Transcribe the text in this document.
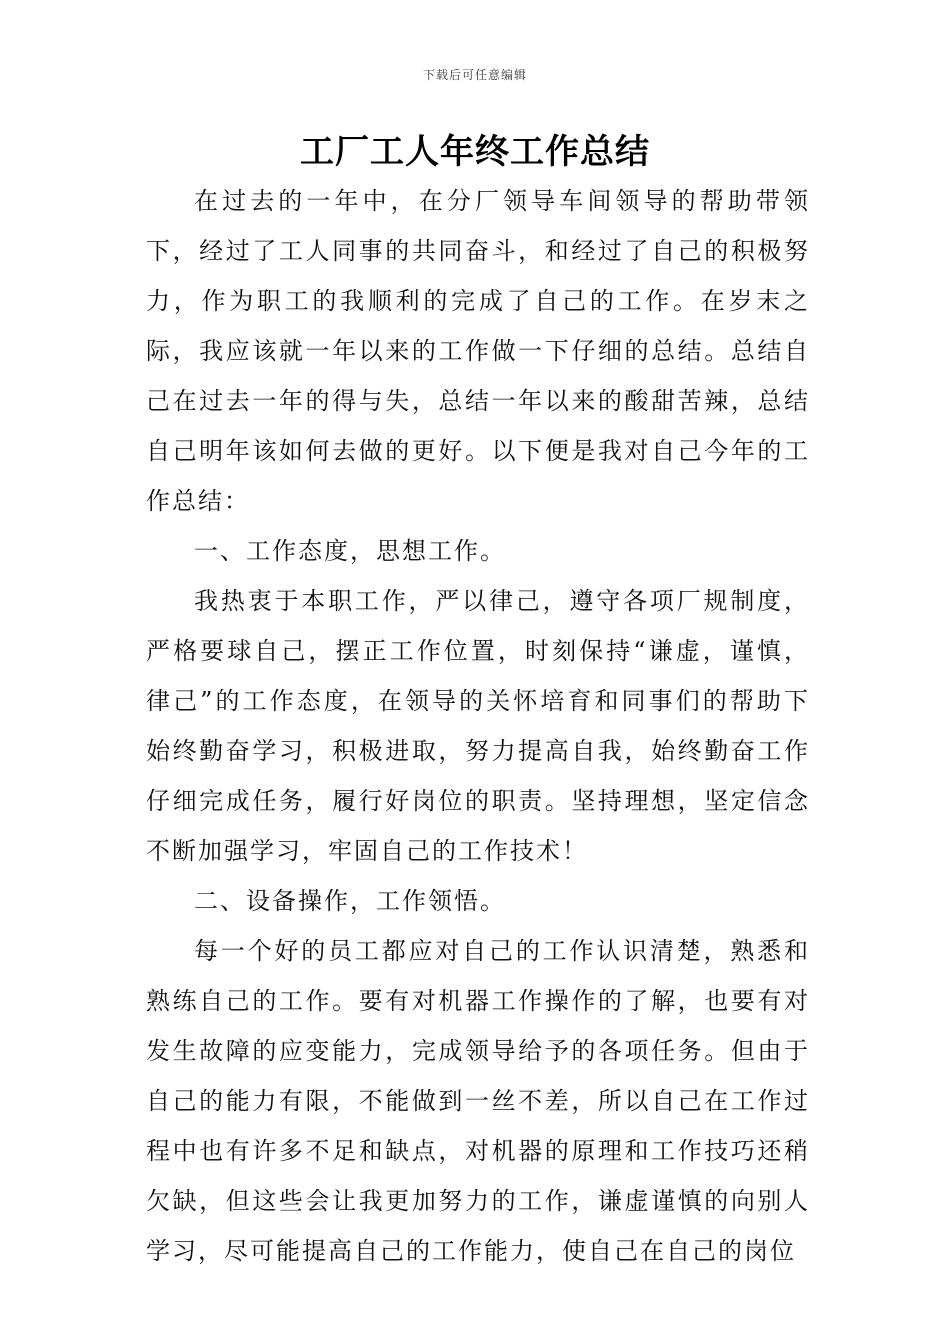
下载后可任意编辑
工厂工人年终工作总结

在过去的一年中，在分厂领导车间领导的帮助带领下，经过了工人同事的共同奋斗，和经过了自己的积极努力，作为职工的我顺利的完成了自己的工作。在岁末之际，我应该就一年以来的工作做一下仔细的总结。总结自己在过去一年的得与失，总结一年以来的酸甜苦辣，总结自己明年该如何去做的更好。以下便是我对自己今年的工作总结：

一、工作态度，思想工作。

我热衷于本职工作，严以律己，遵守各项厂规制度，严格要球自己，摆正工作位置，时刻保持“谦虚，谨慎，律己”的工作态度，在领导的关怀培育和同事们的帮助下始终勤奋学习，积极进取，努力提高自我，始终勤奋工作仔细完成任务，履行好岗位的职责。坚持理想，坚定信念不断加强学习，牢固自己的工作技术！

二、设备操作，工作领悟。

每一个好的员工都应对自己的工作认识清楚，熟悉和熟练自己的工作。要有对机器工作操作的了解，也要有对发生故障的应变能力，完成领导给予的各项任务。但由于自己的能力有限，不能做到一丝不差，所以自己在工作过程中也有许多不足和缺点，对机器的原理和工作技巧还稍欠缺，但这些会让我更加努力的工作，谦虚谨慎的向别人学习，尽可能提高自己的工作能力，使自己在自己的岗位
